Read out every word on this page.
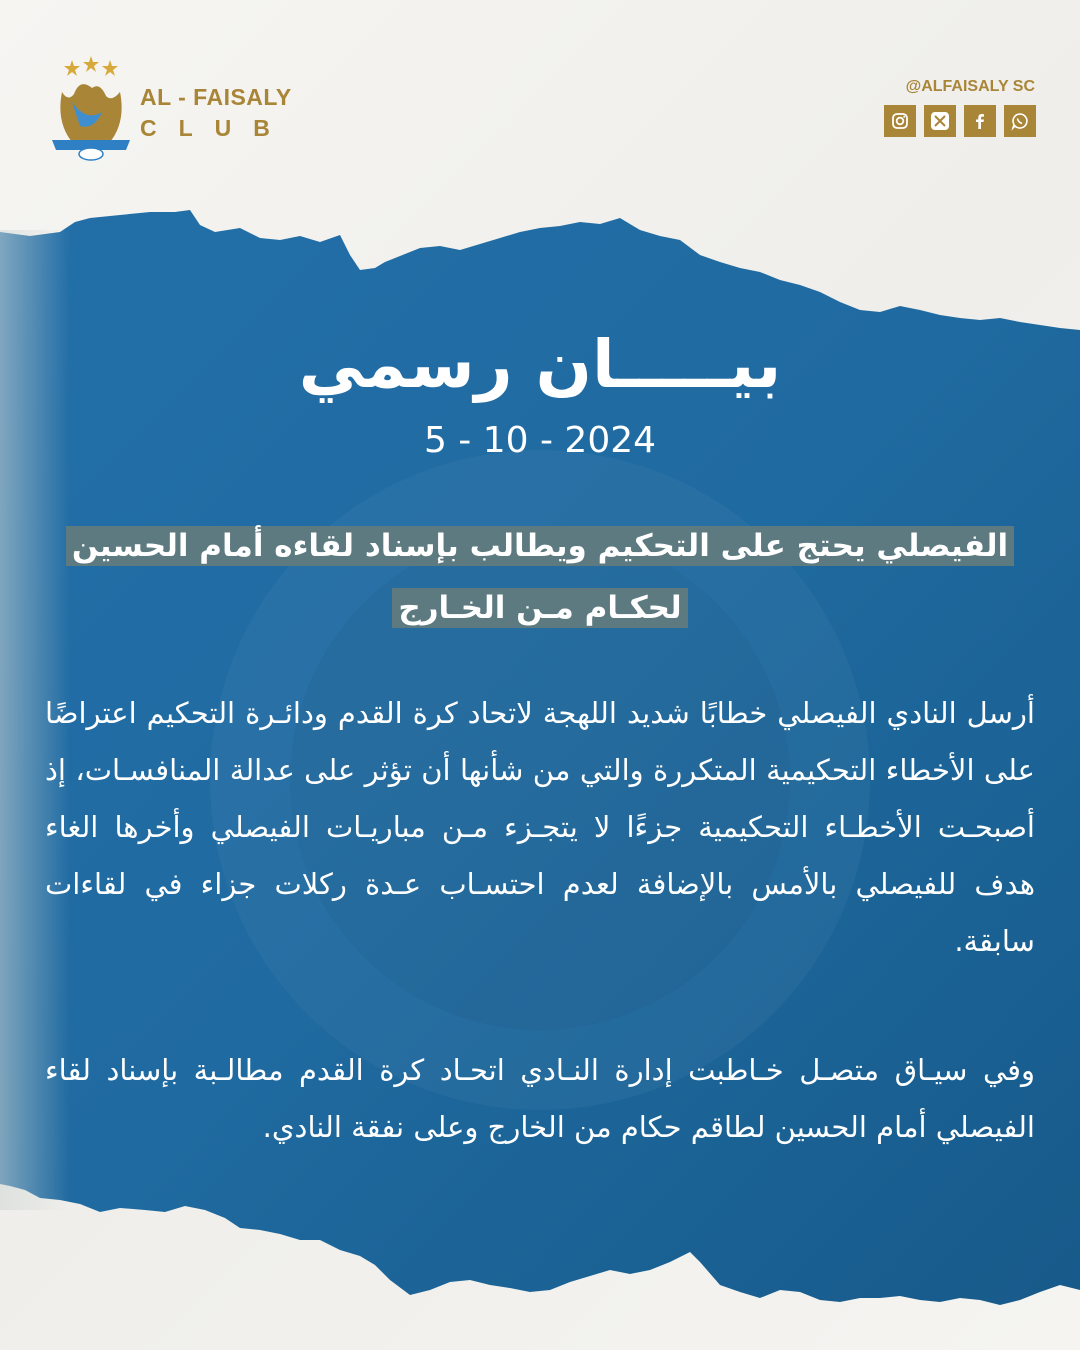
AL - FAISALY
CLUB
@ALFAISALY SC
بيـــــان رسمي
5 - 10 - 2024
الفيصلي يحتج على التحكيم ويطالب بإسناد لقاءه أمام الحسين لحكـام مـن الخـارج
أرسل النادي الفيصلي خطابًا شديد اللهجة لاتحاد كرة القدم ودائـرة التحكيم اعتراضًا على الأخطاء التحكيمية المتكررة والتي من شأنها أن تؤثر على عدالة المنافسـات، إذ أصبحـت الأخطـاء التحكيمية جزءًا لا يتجـزء مـن مباريـات الفيصلي وأخرها الغاء هدف للفيصلي بالأمس بالإضافة لعدم احتسـاب عـدة ركلات جزاء في لقاءات سابقة.
وفي سيـاق متصـل خـاطبت إدارة النـادي اتحـاد كرة القدم مطالـبة بإسناد لقاء الفيصلي أمام الحسين لطاقم حكام من الخارج وعلى نفقة النادي.
